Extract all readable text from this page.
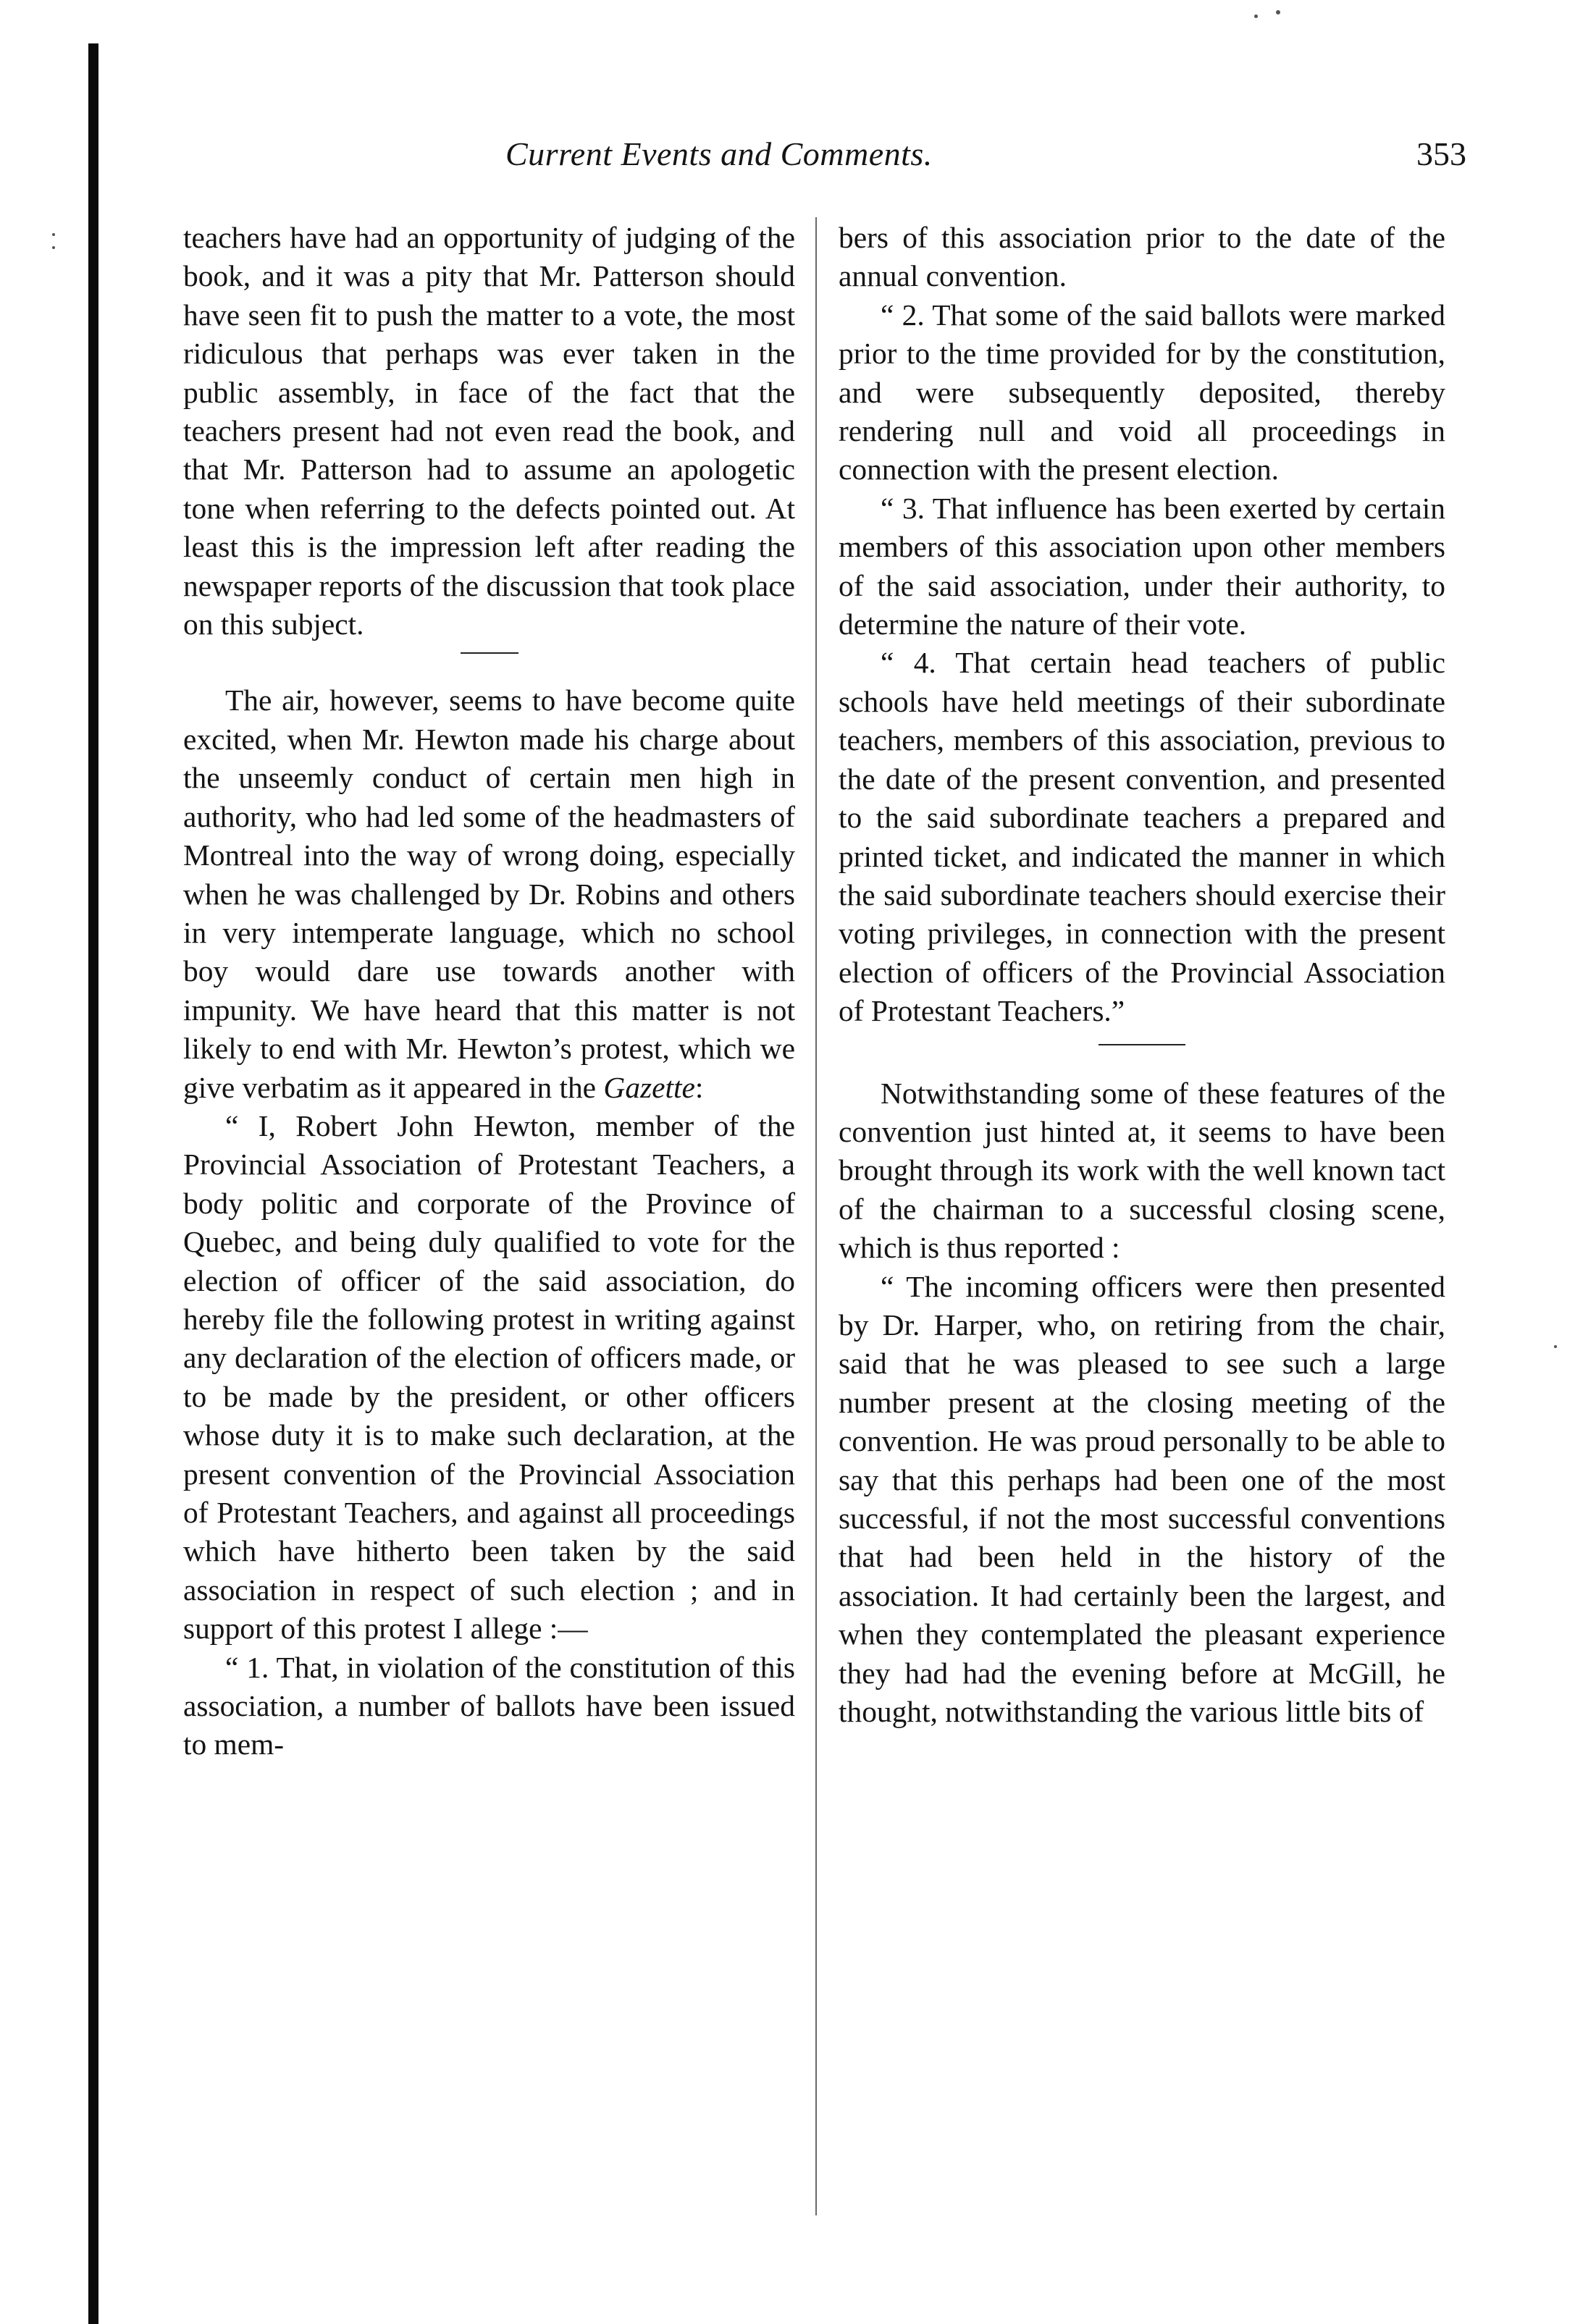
Current Events and Comments.	353

teachers have had an opportunity of judging of the book, and it was a pity that Mr. Patterson should have seen fit to push the matter to a vote, the most ridiculous that perhaps was ever taken in the public assembly, in face of the fact that the teachers present had not even read the book, and that Mr. Patterson had to assume an apologetic tone when referring to the defects pointed out. At least this is the impression left after reading the newspaper reports of the discussion that took place on this subject.

The air, however, seems to have become quite excited, when Mr. Hewton made his charge about the unseemly conduct of certain men high in authority, who had led some of the headmasters of Montreal into the way of wrong doing, especially when he was challenged by Dr. Robins and others in very intemperate language, which no school boy would dare use towards another with impunity. We have heard that this matter is not likely to end with Mr. Hewton’s protest, which we give verbatim as it appeared in the Gazette:

“ I, Robert John Hewton, member of the Provincial Association of Protestant Teachers, a body politic and corporate of the Province of Quebec, and being duly qualified to vote for the election of officer of the said association, do hereby file the following protest in writing against any declaration of the election of officers made, or to be made by the president, or other officers whose duty it is to make such declaration, at the present convention of the Provincial Association of Protestant Teachers, and against all proceedings which have hitherto been taken by the said association in respect of such election ; and in support of this protest I allege :—

“ 1. That, in violation of the constitution of this association, a number of ballots have been issued to mem-

bers of this association prior to the date of the annual convention.

“ 2. That some of the said ballots were marked prior to the time provided for by the constitution, and were subsequently deposited, thereby rendering null and void all proceedings in connection with the present election.

“ 3. That influence has been exerted by certain members of this association upon other members of the said association, under their authority, to determine the nature of their vote.

“ 4. That certain head teachers of public schools have held meetings of their subordinate teachers, members of this association, previous to the date of the present convention, and presented to the said subordinate teachers a prepared and printed ticket, and indicated the manner in which the said subordinate teachers should exercise their voting privileges, in connection with the present election of officers of the Provincial Association of Protestant Teachers.”

Notwithstanding some of these features of the convention just hinted at, it seems to have been brought through its work with the well known tact of the chairman to a successful closing scene, which is thus reported :

“ The incoming officers were then presented by Dr. Harper, who, on retiring from the chair, said that he was pleased to see such a large number present at the closing meeting of the convention. He was proud personally to be able to say that this perhaps had been one of the most successful, if not the most successful conventions that had been held in the history of the association. It had certainly been the largest, and when they contemplated the pleasant experience they had had the evening before at McGill, he thought, notwithstanding the various little bits of
